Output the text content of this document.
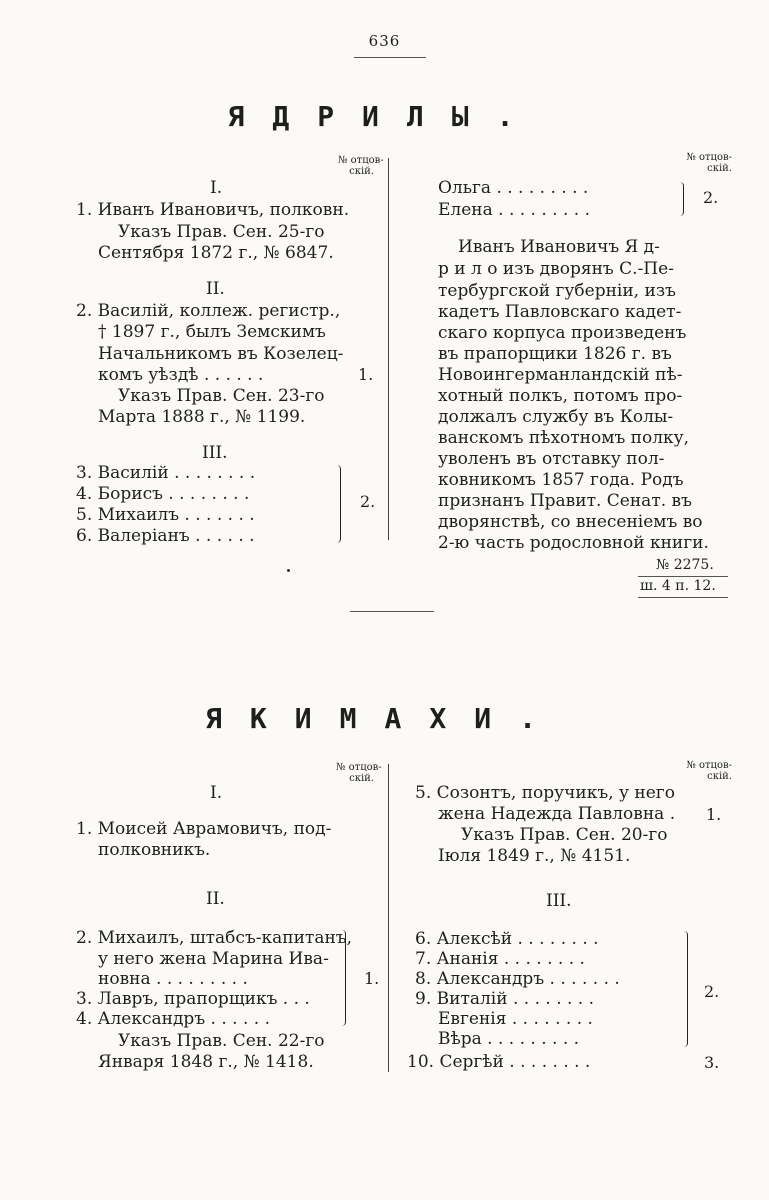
636
ЯДРИЛЫ.
№ отцов-
скій.
№ отцов-
скій.
I.
1. Иванъ Ивановичъ, полковн.
Указъ Прав. Сен. 25-го
Сентября 1872 г., № 6847.
II.
2. Василій, коллеж. регистр.,
† 1897 г., былъ Земскимъ
Начальникомъ въ Козелец-
комъ уѣздѣ . . . . . .	1.
Указъ Прав. Сен. 23-го
Марта 1888 г., № 1199.
III.
3. Василій . . . . . . . .
4. Борисъ . . . . . . . .
5. Михаилъ . . . . . . .
6. Валеріанъ . . . . . .
2.
Ольга . . . . . . . . .
Елена . . . . . . . . .
2.
Иванъ Ивановичъ Я д-
р и л о изъ дворянъ С.-Пе-
тербургской губерніи, изъ
кадетъ Павловскаго кадет-
скаго корпуса произведенъ
въ прапорщики 1826 г. въ
Новоингерманландскій пѣ-
хотный полкъ, потомъ про-
должалъ службу въ Колы-
ванскомъ пѣхотномъ полку,
уволенъ въ отставку пол-
ковникомъ 1857 года. Родъ
признанъ Правит. Сенат. въ
дворянствѣ, со внесеніемъ во
2-ю часть родословной книги.
№ 2275.
ш. 4 п. 12.
ЯКИМАХИ.
№ отцов-
скій.
№ отцов-
скій.
I.
1. Моисей Аврамовичъ, под-
полковникъ.
II.
2. Михаилъ, штабсъ-капитанъ,
у него жена Марина Ива-
новна . . . . . . . . .
3. Лавръ, прапорщикъ . . .
4. Александръ . . . . . .
1.
Указъ Прав. Сен. 22-го
Января 1848 г., № 1418.
5. Созонтъ, поручикъ, у него
жена Надежда Павловна . 1.
Указъ Прав. Сен. 20-го
Іюля 1849 г., № 4151.
III.
6. Алексѣй . . . . . . . .
7. Ананія . . . . . . . .
8. Александръ . . . . . . .
9. Виталій . . . . . . . .
Евгенія . . . . . . . .
Вѣра . . . . . . . . .
2.
10. Сергѣй . . . . . . . .	3.
